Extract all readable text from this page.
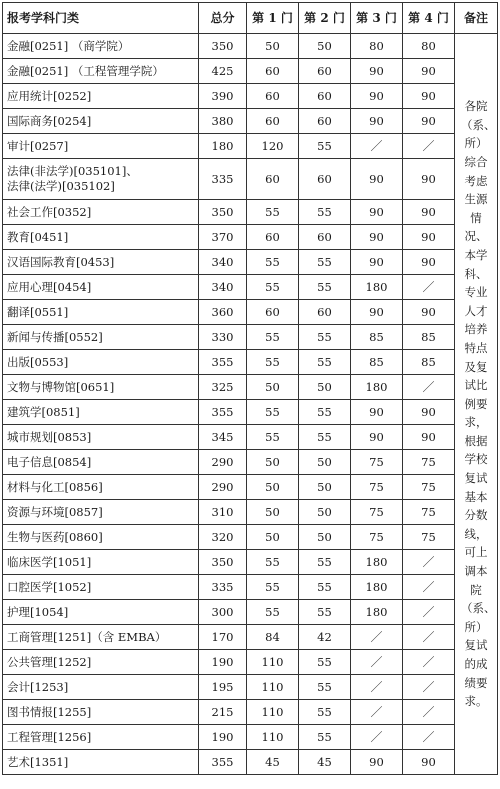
报考学科门类	总分	第 1 门	第 2 门	第 3 门	第 4 门	备注
金融[0251] （商学院）	350	50	50	80	80	各院（系、所）综合考虑生源情况、本学科、专业人才培养特点及复试比例要求，根据学校复试基本分数线，可上调本院（系、所）复试的成绩要求。
金融[0251] （工程管理学院）	425	60	60	90	90	
应用统计[0252]	390	60	60	90	90	
国际商务[0254]	380	60	60	90	90	
审计[0257]	180	120	55	／	／	

法律(非法学)[035101]、
法律(法学)[035102]	335	60	60	90	90	
社会工作[0352]	350	55	55	90	90	
教育[0451]	370	60	60	90	90	
汉语国际教育[0453]	340	55	55	90	90	
应用心理[0454]	340	55	55	180	／	
翻译[0551]	360	60	60	90	90	
新闻与传播[0552]	330	55	55	85	85	
出版[0553]	355	55	55	85	85	
文物与博物馆[0651]	325	50	50	180	／	
建筑学[0851]	355	55	55	90	90	
城市规划[0853]	345	55	55	90	90	
电子信息[0854]	290	50	50	75	75	
材料与化工[0856]	290	50	50	75	75	
资源与环境[0857]	310	50	50	75	75	
生物与医药[0860]	320	50	50	75	75	
临床医学[1051]	350	55	55	180	／	
口腔医学[1052]	335	55	55	180	／	
护理[1054]	300	55	55	180	／	
工商管理[1251]（含 EMBA）	170	84	42	／	／	
公共管理[1252]	190	110	55	／	／	
会计[1253]	195	110	55	／	／	
图书情报[1255]	215	110	55	／	／	
工程管理[1256]	190	110	55	／	／	
艺术[1351]	355	45	45	90	90	
